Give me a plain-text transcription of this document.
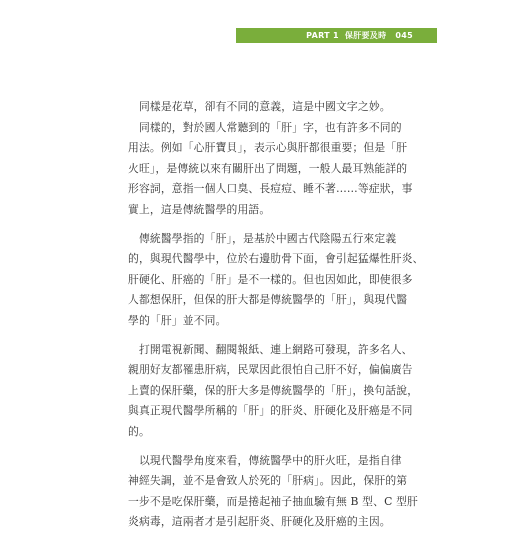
PART 1 保肝要及時 045
　同樣是花草，卻有不同的意義，這是中國文字之妙。
　同樣的，對於國人常聽到的「肝」字，也有許多不同的
用法。例如「心肝寶貝」，表示心與肝都很重要；但是「肝
火旺」，是傳統以來有關肝出了問題，一般人最耳熟能詳的
形容詞，意指一個人口臭、長痘痘、睡不著……等症狀，事
實上，這是傳統醫學的用語。
　傳統醫學指的「肝」，是基於中國古代陰陽五行來定義
的，與現代醫學中，位於右邊肋骨下面，會引起猛爆性肝炎、
肝硬化、肝癌的「肝」是不一樣的。但也因如此，即使很多
人都想保肝，但保的肝大都是傳統醫學的「肝」，與現代醫
學的「肝」並不同。
　打開電視新聞、翻閱報紙、連上網路可發現，許多名人、
親朋好友都罹患肝病，民眾因此很怕自己肝不好，偏偏廣告
上賣的保肝藥，保的肝大多是傳統醫學的「肝」，換句話說，
與真正現代醫學所稱的「肝」的肝炎、肝硬化及肝癌是不同
的。
　以現代醫學角度來看，傳統醫學中的肝火旺，是指自律
神經失調，並不是會致人於死的「肝病」。因此，保肝的第
一步不是吃保肝藥，而是捲起袖子抽血驗有無 B 型、C 型肝
炎病毒，這兩者才是引起肝炎、肝硬化及肝癌的主因。
